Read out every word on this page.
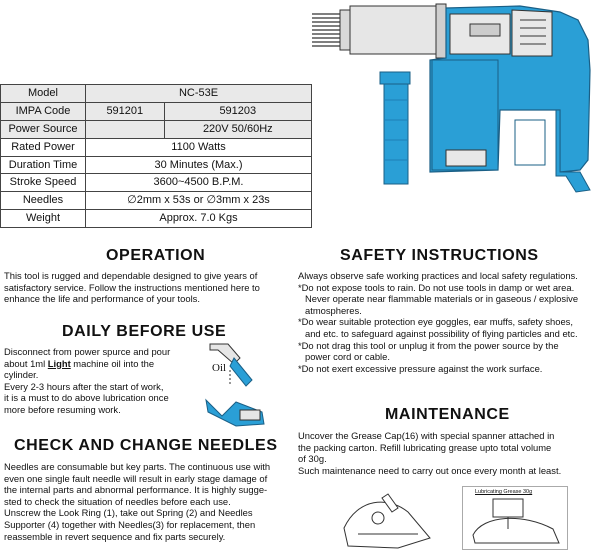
Model	NC-53E	
IMPA Code	591201	591203
Power Source		220V 50/60Hz
Rated Power	1100 Watts	
Duration Time	30 Minutes (Max.)	
Stroke Speed	3600~4500 B.P.M.	
Needles	∅2mm x 53s or ∅3mm x 23s	
Weight	Approx. 7.0 Kgs	
OPERATION
This tool is rugged and dependable designed to give years of
satisfactory service. Follow the instructions mentioned here to
enhance the life and performance of your tools.
DAILY BEFORE USE
Disconnect from power spurce and pour
about 1ml Light machine oil into the
cylinder.
Every 2-3 hours after the start of work,
it is a must to do above lubrication once
more before resuming work.
Oil
CHECK AND CHANGE NEEDLES
Needles are consumable but key parts. The continuous use with
even one single fault needle will result in early stage damage of
the internal parts and abnormal performance. It is highly sugge-
sted to check the situation of needles before each use.
Unscrew the Look Ring (1), take out Spring (2) and Needles
Supporter (4) together with Needles(3) for replacement, then
reassemble in revert sequence and fix parts securely.
SAFETY INSTRUCTIONS
Always observe safe working practices and local safety regulations.
*Do not expose tools to rain. Do not use tools in damp or wet area.
Never operate near flammable materials or in gaseous / explosive
atmospheres.
*Do wear suitable protection eye goggles, ear muffs, safety shoes,
and etc. to safeguard against possibility of flying particles and etc.
*Do not drag this tool or unplug it from the power source by the
power cord or cable.
*Do not exert excessive pressure against the work surface.
MAINTENANCE
Uncover the Grease Cap(16) with special spanner attached in
the packing carton. Refill lubricating grease upto total volume
of 30g.
Such maintenance need to carry out once every month at least.
Lubricating Grease 30g
